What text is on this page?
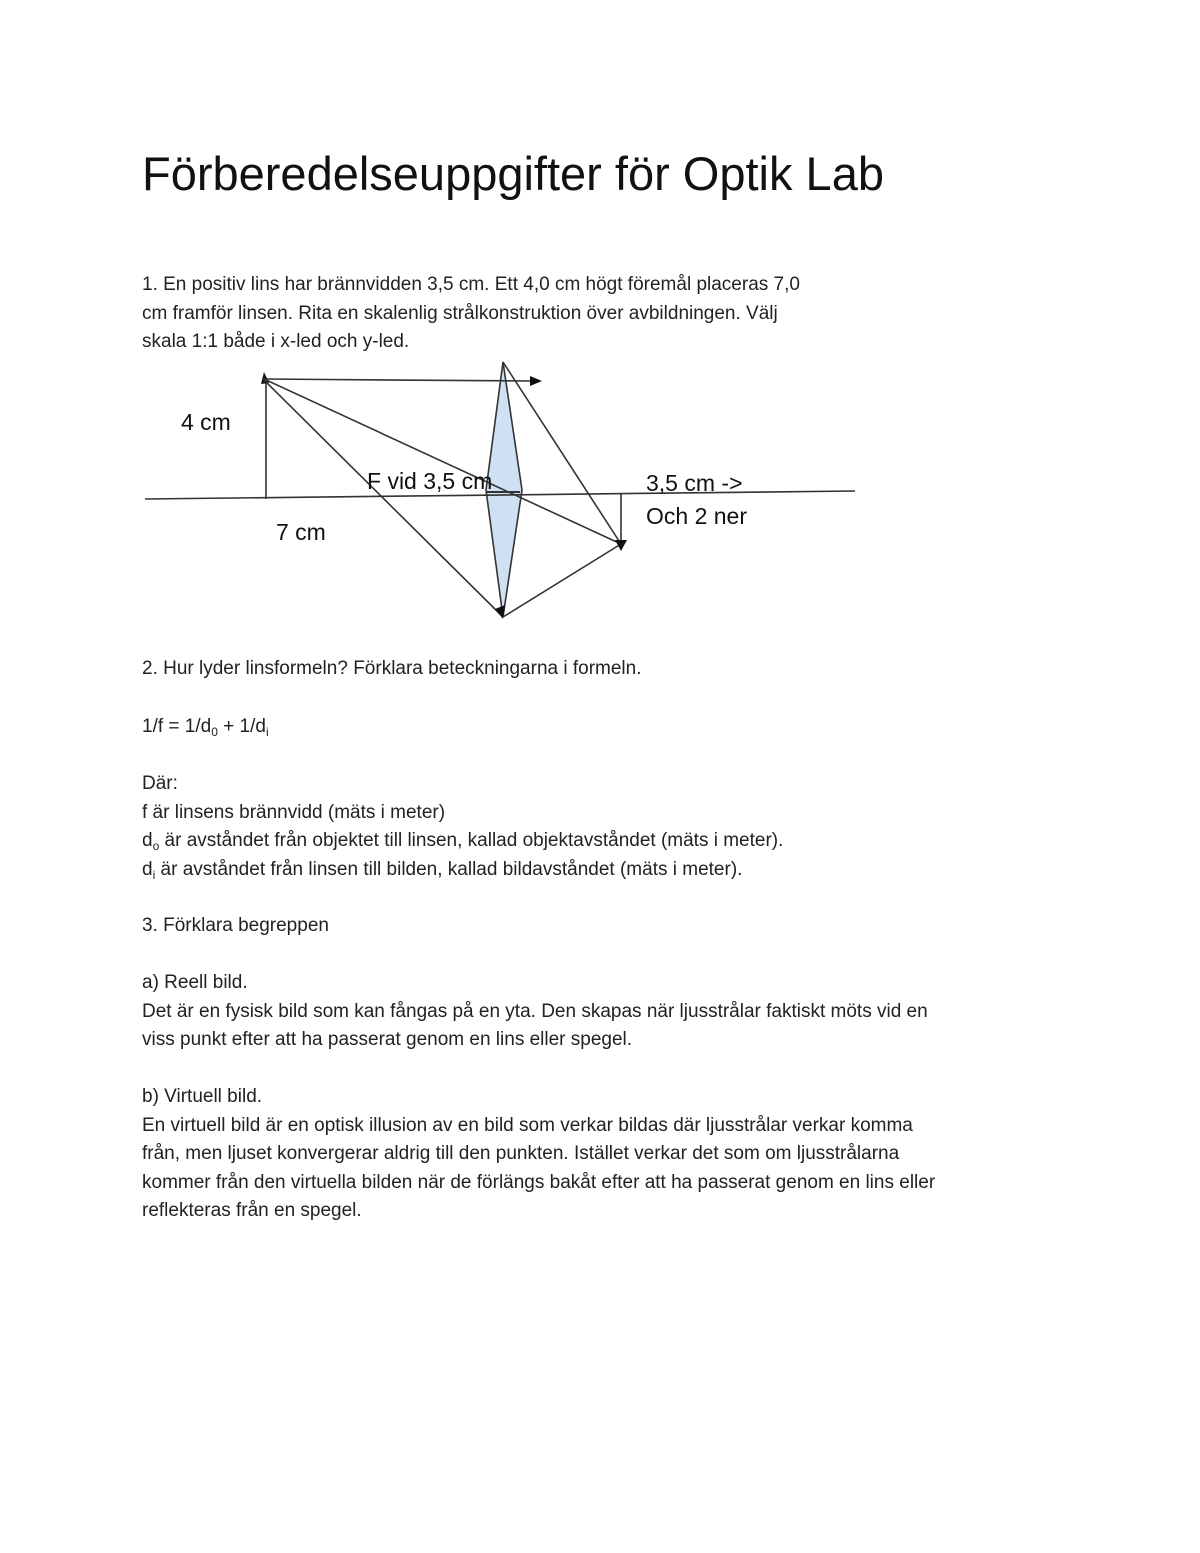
Förberedelseuppgifter för Optik Lab
1. En positiv lins har brännvidden 3,5 cm. Ett 4,0 cm högt föremål placeras 7,0
cm framför linsen. Rita en skalenlig strålkonstruktion över avbildningen. Välj
skala 1:1 både i x-led och y-led.
4 cm
7 cm
F vid 3,5 cm	3,5 cm ->
Och 2 ner
2. Hur lyder linsformeln? Förklara beteckningarna i formeln.
$1/f = 1/d_0 + 1/d_i$
Där:
f är linsens brännvidd (mäts i meter)
$d_o$ är avståndet från objektet till linsen, kallad objektavståndet (mäts i meter).
$d_i$ är avståndet från linsen till bilden, kallad bildavståndet (mäts i meter).
3. Förklara begreppen
a) Reell bild.
Det är en fysisk bild som kan fångas på en yta. Den skapas när ljusstrålar faktiskt möts vid en
viss punkt efter att ha passerat genom en lins eller spegel.
b) Virtuell bild.
En virtuell bild är en optisk illusion av en bild som verkar bildas där ljusstrålar verkar komma
från, men ljuset konvergerar aldrig till den punkten. Istället verkar det som om ljusstrålarna
kommer från den virtuella bilden när de förlängs bakåt efter att ha passerat genom en lins eller
reflekteras från en spegel.
